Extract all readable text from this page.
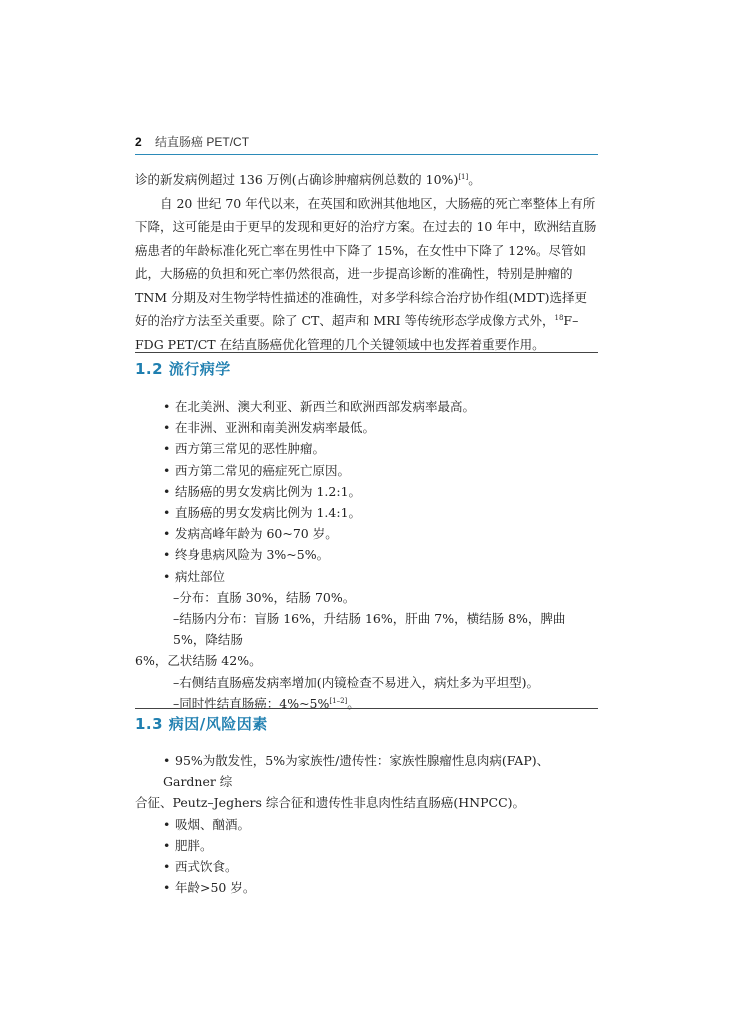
2 结直肠癌 PET/CT

诊的新发病例超过 136 万例(占确诊肿瘤病例总数的 10%)[1]。

自 20 世纪 70 年代以来，在英国和欧洲其他地区，大肠癌的死亡率整体上有所下降，这可能是由于更早的发现和更好的治疗方案。在过去的 10 年中，欧洲结直肠癌患者的年龄标准化死亡率在男性中下降了 15%，在女性中下降了 12%。尽管如此，大肠癌的负担和死亡率仍然很高，进一步提高诊断的准确性，特别是肿瘤的 TNM 分期及对生物学特性描述的准确性，对多学科综合治疗协作组(MDT)选择更好的治疗方法至关重要。除了 CT、超声和 MRI 等传统形态学成像方式外，$^{18}$F–FDG PET/CT 在结直肠癌优化管理的几个关键领域中也发挥着重要作用。

1.2 流行病学
• 在北美洲、澳大利亚、新西兰和欧洲西部发病率最高。
• 在非洲、亚洲和南美洲发病率最低。
• 西方第三常见的恶性肿瘤。
• 西方第二常见的癌症死亡原因。
• 结肠癌的男女发病比例为 1.2:1。
• 直肠癌的男女发病比例为 1.4:1。
• 发病高峰年龄为 60~70 岁。
• 终身患病风险为 3%~5%。
• 病灶部位
–分布：直肠 30%，结肠 70%。
–结肠内分布：盲肠 16%，升结肠 16%，肝曲 7%，横结肠 8%，脾曲 5%，降结肠
6%，乙状结肠 42%。
–右侧结直肠癌发病率增加(内镜检查不易进入，病灶多为平坦型)。
–同时性结直肠癌：4%~5%[1–2]。
1.3 病因/风险因素
• 95%为散发性，5%为家族性/遗传性：家族性腺瘤性息肉病(FAP)、Gardner 综
合征、Peutz–Jeghers 综合征和遗传性非息肉性结直肠癌(HNPCC)。
• 吸烟、酗酒。
• 肥胖。
• 西式饮食。
• 年龄>50 岁。
